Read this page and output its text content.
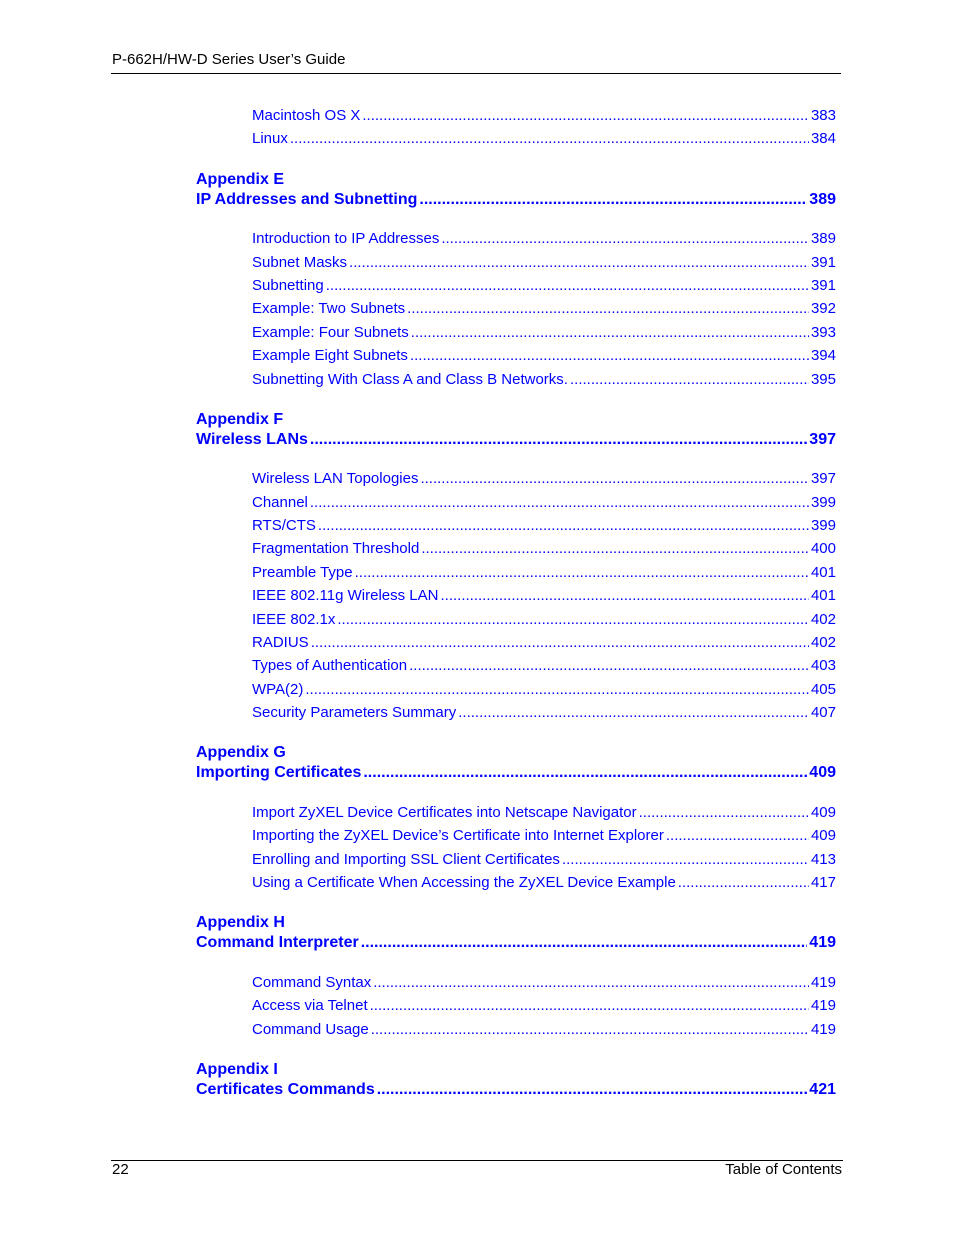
P-662H/HW-D Series User’s Guide
Macintosh OS X .....	383
Linux .....	384
Appendix E
IP Addresses and Subnetting .....	389
Introduction to IP Addresses .....	389
Subnet Masks .....	391
Subnetting .....	391
Example: Two Subnets .....	392
Example: Four Subnets .....	393
Example Eight Subnets .....	394
Subnetting With Class A and Class B Networks. .....	395
Appendix F
Wireless LANs .....	397
Wireless LAN Topologies .....	397
Channel .....	399
RTS/CTS .....	399
Fragmentation Threshold .....	400
Preamble Type .....	401
IEEE 802.11g Wireless LAN .....	401
IEEE 802.1x .....	402
RADIUS .....	402
Types of Authentication .....	403
WPA(2) .....	405
Security Parameters Summary .....	407
Appendix G
Importing Certificates .....	409
Import ZyXEL Device Certificates into Netscape Navigator .....	409
Importing the ZyXEL Device’s Certificate into Internet Explorer .....	409
Enrolling and Importing SSL Client Certificates .....	413
Using a Certificate When Accessing the ZyXEL Device Example .....	417
Appendix H
Command Interpreter .....	419
Command Syntax .....	419
Access via Telnet .....	419
Command Usage .....	419
Appendix I
Certificates Commands .....	421
22	Table of Contents
